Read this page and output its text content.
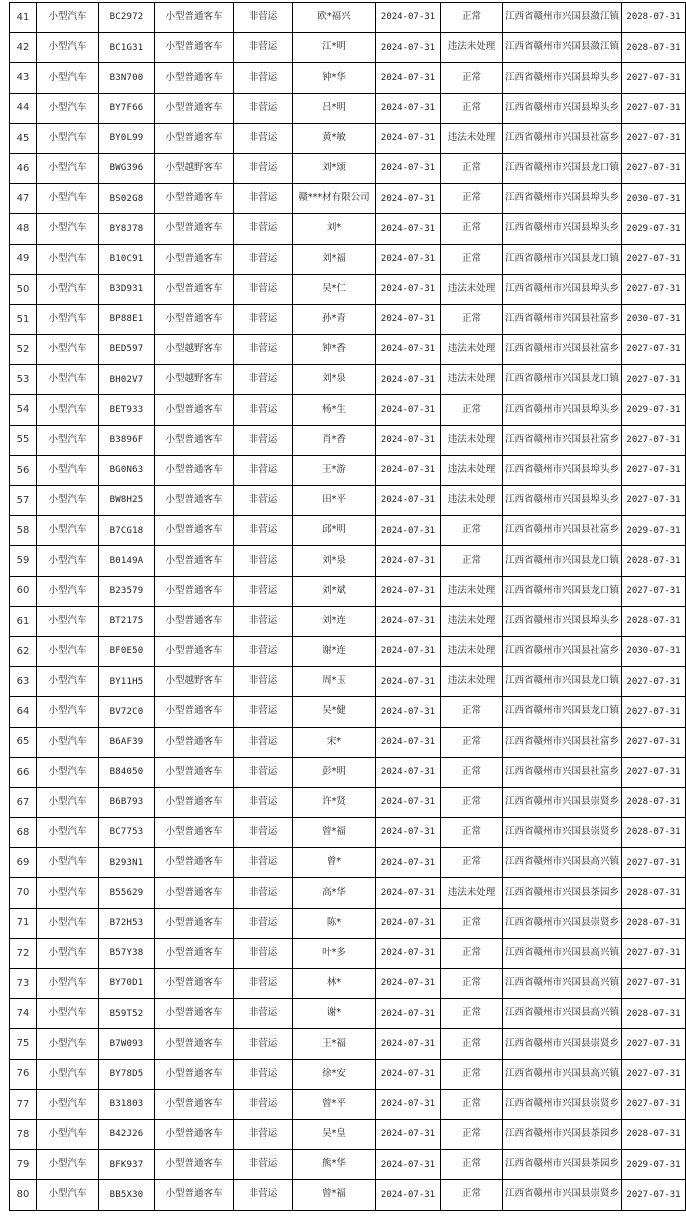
41	小型汽车	BC2972	小型普通客车	非营运	欧*福兴	2024-07-31	正常	江西省赣州市兴国县潋江镇	2028-07-31
42	小型汽车	BC1G31	小型普通客车	非营运	江*明	2024-07-31	违法未处理	江西省赣州市兴国县潋江镇	2028-07-31
43	小型汽车	B3N700	小型普通客车	非营运	钟*华	2024-07-31	正常	江西省赣州市兴国县埠头乡	2027-07-31
44	小型汽车	BY7F66	小型普通客车	非营运	吕*明	2024-07-31	正常	江西省赣州市兴国县埠头乡	2027-07-31
45	小型汽车	BY0L99	小型普通客车	非营运	黄*敏	2024-07-31	违法未处理	江西省赣州市兴国县社富乡	2027-07-31
46	小型汽车	BWG396	小型越野客车	非营运	刘*颂	2024-07-31	正常	江西省赣州市兴国县龙口镇	2027-07-31
47	小型汽车	BS02G8	小型普通客车	非营运	赣***材有限公司	2024-07-31	正常	江西省赣州市兴国县埠头乡	2030-07-31
48	小型汽车	BY8J78	小型普通客车	非营运	刘*	2024-07-31	正常	江西省赣州市兴国县埠头乡	2029-07-31
49	小型汽车	B10C91	小型普通客车	非营运	刘*福	2024-07-31	正常	江西省赣州市兴国县龙口镇	2027-07-31
50	小型汽车	B3D931	小型普通客车	非营运	吴*仁	2024-07-31	违法未处理	江西省赣州市兴国县埠头乡	2027-07-31
51	小型汽车	BP88E1	小型普通客车	非营运	孙*青	2024-07-31	正常	江西省赣州市兴国县社富乡	2030-07-31
52	小型汽车	BED597	小型越野客车	非营运	钟*香	2024-07-31	违法未处理	江西省赣州市兴国县社富乡	2027-07-31
53	小型汽车	BH02V7	小型越野客车	非营运	刘*泉	2024-07-31	违法未处理	江西省赣州市兴国县龙口镇	2027-07-31
54	小型汽车	BET933	小型普通客车	非营运	杨*生	2024-07-31	正常	江西省赣州市兴国县埠头乡	2029-07-31
55	小型汽车	B3896F	小型普通客车	非营运	肖*香	2024-07-31	违法未处理	江西省赣州市兴国县社富乡	2027-07-31
56	小型汽车	BG0N63	小型普通客车	非营运	王*游	2024-07-31	违法未处理	江西省赣州市兴国县埠头乡	2027-07-31
57	小型汽车	BW8H25	小型普通客车	非营运	田*平	2024-07-31	违法未处理	江西省赣州市兴国县埠头乡	2027-07-31
58	小型汽车	B7CG18	小型普通客车	非营运	邱*明	2024-07-31	正常	江西省赣州市兴国县社富乡	2029-07-31
59	小型汽车	B0149A	小型普通客车	非营运	刘*泉	2024-07-31	正常	江西省赣州市兴国县龙口镇	2028-07-31
60	小型汽车	B23579	小型普通客车	非营运	刘*斌	2024-07-31	违法未处理	江西省赣州市兴国县龙口镇	2027-07-31
61	小型汽车	BT2175	小型普通客车	非营运	刘*连	2024-07-31	违法未处理	江西省赣州市兴国县埠头乡	2028-07-31
62	小型汽车	BF0E50	小型普通客车	非营运	谢*连	2024-07-31	违法未处理	江西省赣州市兴国县社富乡	2030-07-31
63	小型汽车	BY11H5	小型越野客车	非营运	周*玉	2024-07-31	违法未处理	江西省赣州市兴国县龙口镇	2027-07-31
64	小型汽车	BV72C0	小型普通客车	非营运	吴*健	2024-07-31	正常	江西省赣州市兴国县龙口镇	2027-07-31
65	小型汽车	B6AF39	小型普通客车	非营运	宋*	2024-07-31	正常	江西省赣州市兴国县社富乡	2027-07-31
66	小型汽车	B84050	小型普通客车	非营运	彭*明	2024-07-31	正常	江西省赣州市兴国县社富乡	2027-07-31
67	小型汽车	B6B793	小型普通客车	非营运	许*贤	2024-07-31	正常	江西省赣州市兴国县崇贤乡	2028-07-31
68	小型汽车	BC7753	小型普通客车	非营运	曾*福	2024-07-31	正常	江西省赣州市兴国县崇贤乡	2028-07-31
69	小型汽车	B293N1	小型普通客车	非营运	曾*	2024-07-31	正常	江西省赣州市兴国县高兴镇	2027-07-31
70	小型汽车	B55629	小型普通客车	非营运	高*华	2024-07-31	违法未处理	江西省赣州市兴国县茶园乡	2028-07-31
71	小型汽车	B72H53	小型普通客车	非营运	陈*	2024-07-31	正常	江西省赣州市兴国县崇贤乡	2028-07-31
72	小型汽车	B57Y38	小型普通客车	非营运	叶*多	2024-07-31	正常	江西省赣州市兴国县高兴镇	2027-07-31
73	小型汽车	BY70D1	小型普通客车	非营运	林*	2024-07-31	正常	江西省赣州市兴国县高兴镇	2027-07-31
74	小型汽车	B59T52	小型普通客车	非营运	谢*	2024-07-31	正常	江西省赣州市兴国县高兴镇	2028-07-31
75	小型汽车	B7W093	小型普通客车	非营运	王*福	2024-07-31	正常	江西省赣州市兴国县崇贤乡	2027-07-31
76	小型汽车	BY78D5	小型普通客车	非营运	徐*安	2024-07-31	正常	江西省赣州市兴国县高兴镇	2027-07-31
77	小型汽车	B31803	小型普通客车	非营运	曾*平	2024-07-31	正常	江西省赣州市兴国县崇贤乡	2027-07-31
78	小型汽车	B42J26	小型普通客车	非营运	吴*皇	2024-07-31	正常	江西省赣州市兴国县茶园乡	2028-07-31
79	小型汽车	BFK937	小型普通客车	非营运	熊*华	2024-07-31	正常	江西省赣州市兴国县茶园乡	2029-07-31
80	小型汽车	BB5X30	小型普通客车	非营运	曾*福	2024-07-31	正常	江西省赣州市兴国县崇贤乡	2027-07-31
